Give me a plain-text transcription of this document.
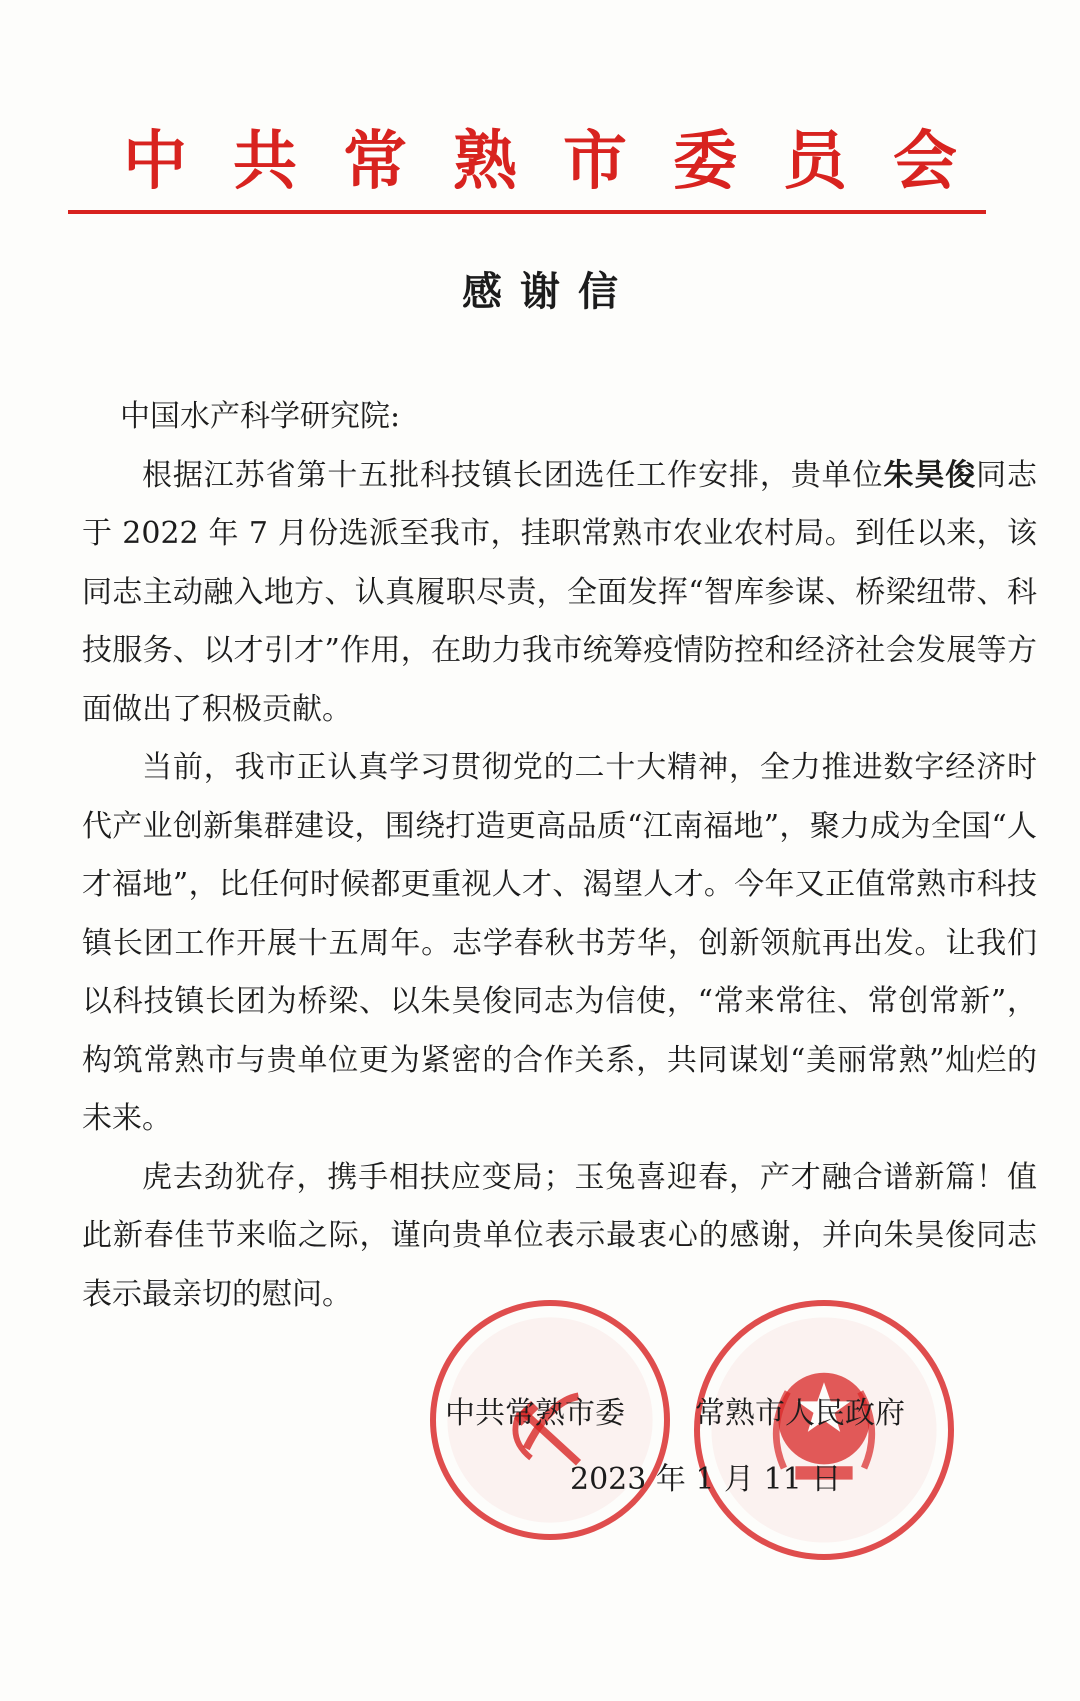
中共常熟市委员会
感谢信

中国水产科学研究院:

根据江苏省第十五批科技镇长团选任工作安排，贵单位朱昊俊同志于 2022 年 7 月份选派至我市，挂职常熟市农业农村局。到任以来，该同志主动融入地方、认真履职尽责，全面发挥“智库参谋、桥梁纽带、科技服务、以才引才”作用，在助力我市统筹疫情防控和经济社会发展等方面做出了积极贡献。

当前，我市正认真学习贯彻党的二十大精神，全力推进数字经济时代产业创新集群建设，围绕打造更高品质“江南福地”，聚力成为全国“人才福地”，比任何时候都更重视人才、渴望人才。今年又正值常熟市科技镇长团工作开展十五周年。志学春秋书芳华，创新领航再出发。让我们以科技镇长团为桥梁、以朱昊俊同志为信使，“常来常往、常创常新”，构筑常熟市与贵单位更为紧密的合作关系，共同谋划“美丽常熟”灿烂的未来。

虎去劲犹存，携手相扶应变局；玉兔喜迎春，产才融合谱新篇！值此新春佳节来临之际，谨向贵单位表示最衷心的感谢，并向朱昊俊同志表示最亲切的慰问。

中共常熟市委 常熟市人民政府
2023 年 1 月 11 日
